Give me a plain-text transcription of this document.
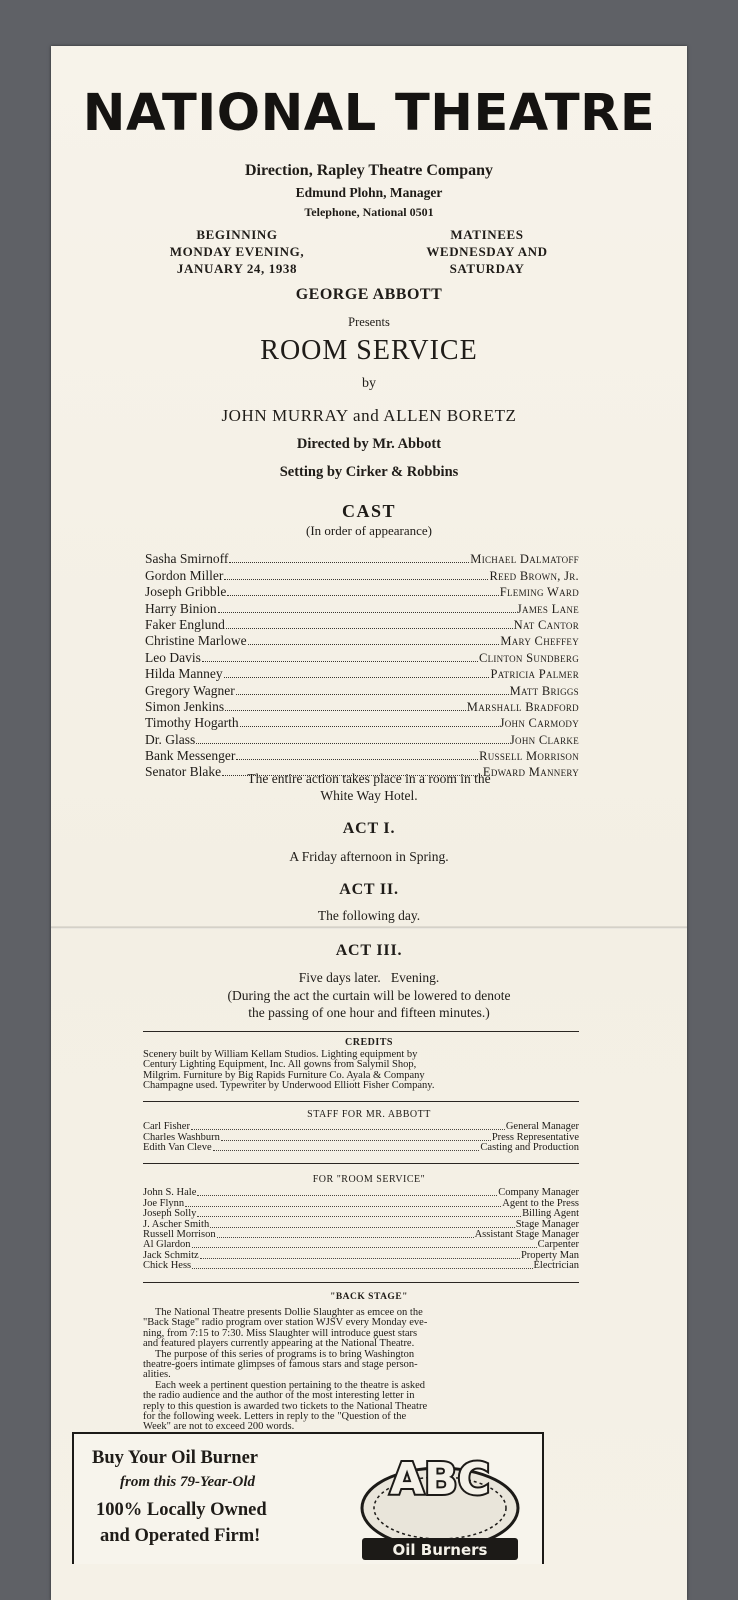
NATIONAL THEATRE
Direction, Rapley Theatre Company
Edmund Plohn, Manager
Telephone, National 0501
BEGINNING
MONDAY EVENING,
JANUARY 24, 1938
MATINEES
WEDNESDAY AND
SATURDAY
GEORGE ABBOTT
Presents
ROOM SERVICE
by
JOHN MURRAY and ALLEN BORETZ
Directed by Mr. Abbott
Setting by Cirker & Robbins
CAST
(In order of appearance)
Sasha Smirnoff	Michael Dalmatoff
Gordon Miller	Reed Brown, Jr.
Joseph Gribble	Fleming Ward
Harry Binion	James Lane
Faker Englund	Nat Cantor
Christine Marlowe	Mary Cheffey
Leo Davis	Clinton Sundberg
Hilda Manney	Patricia Palmer
Gregory Wagner	Matt Briggs
Simon Jenkins	Marshall Bradford
Timothy Hogarth	John Carmody
Dr. Glass	John Clarke
Bank Messenger	Russell Morrison
Senator Blake	Edward Mannery
The entire action takes place in a room in the
White Way Hotel.
ACT I.
A Friday afternoon in Spring.
ACT II.
The following day.
ACT III.
Five days later.   Evening.
(During the act the curtain will be lowered to denote
the passing of one hour and fifteen minutes.)
CREDITS
Scenery built by William Kellam Studios. Lighting equipment by
Century Lighting Equipment, Inc. All gowns from Salymil Shop,
Milgrim. Furniture by Big Rapids Furniture Co. Ayala & Company
Champagne used. Typewriter by Underwood Elliott Fisher Company.
STAFF FOR MR. ABBOTT
Carl Fisher	General Manager
Charles Washburn	Press Representative
Edith Van Cleve	Casting and Production
FOR "ROOM SERVICE"
John S. Hale	Company Manager
Joe Flynn	Agent to the Press
Joseph Solly	Billing Agent
J. Ascher Smith	Stage Manager
Russell Morrison	Assistant Stage Manager
Al Glardon	Carpenter
Jack Schmitz	Property Man
Chick Hess	Electrician
"BACK STAGE"
The National Theatre presents Dollie Slaughter as emcee on the
"Back Stage" radio program over station WJSV every Monday eve-
ning, from 7:15 to 7:30. Miss Slaughter will introduce guest stars
and featured players currently appearing at the National Theatre.
The purpose of this series of programs is to bring Washington
theatre-goers intimate glimpses of famous stars and stage person-
alities.
Each week a pertinent question pertaining to the theatre is asked
the radio audience and the author of the most interesting letter in
reply to this question is awarded two tickets to the National Theatre
for the following week. Letters in reply to the "Question of the
Week" are not to exceed 200 words.
Buy Your Oil Burner
from this 79-Year-Old
100% Locally Owned
and Operated Firm!
ABC
Oil Burners
